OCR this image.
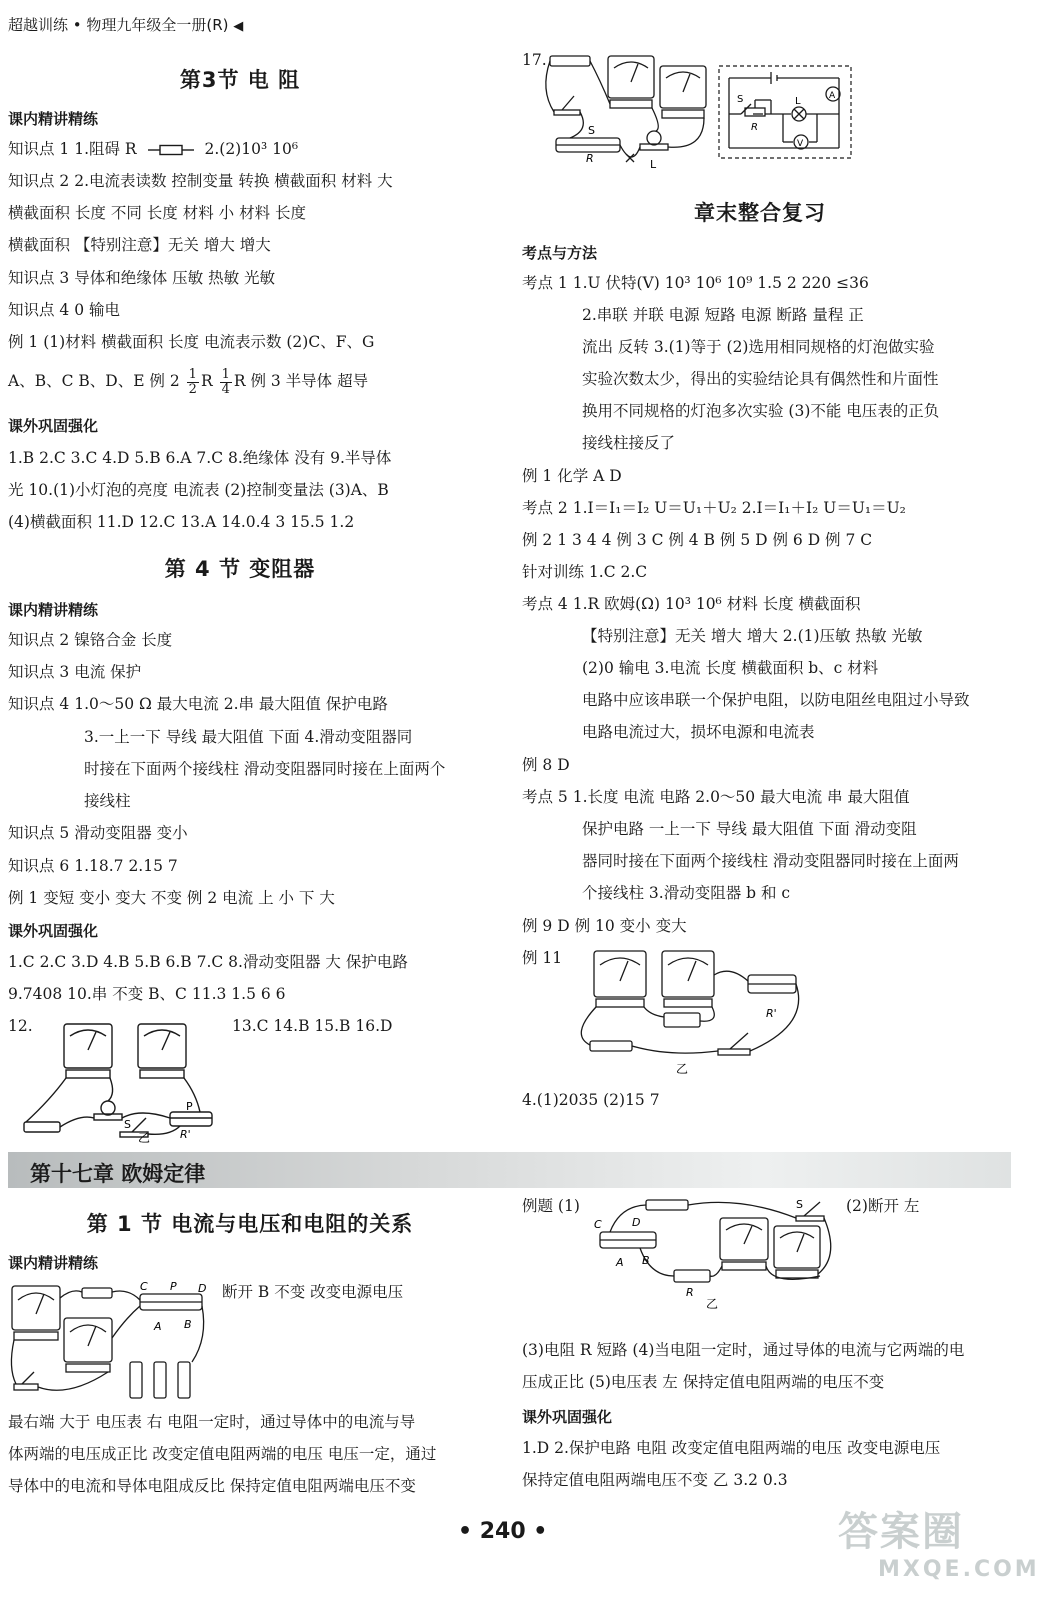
超越训练 • 物理九年级全一册(R) ◀
第3节 电 阻
课内精讲精练
知识点 1 1.阻碍 R	2.(2)10³ 10⁶
知识点 2 2.电流表读数 控制变量 转换 横截面积 材料 大
横截面积 长度 不同 长度 材料 小 材料 长度
横截面积 【特别注意】无关 增大 增大
知识点 3 导体和绝缘体 压敏 热敏 光敏
知识点 4 0 输电
例 1 (1)材料 横截面积 长度 电流表示数 (2)C、F、G
A、B、C B、D、E 例 $2 \frac{1}{2}$ R $\frac{1}{4}$ R 例 3 半导体 超导
课外巩固强化
1.B 2.C 3.C 4.D 5.B 6.A 7.C 8.绝缘体 没有 9.半导体
光 10.(1)小灯泡的亮度 电流表 (2)控制变量法 (3)A、B
(4)横截面积 11.D 12.C 13.A 14.0.4 3 15.5 1.2
第 4 节 变阻器
课内精讲精练
知识点 2 镍铬合金 长度
知识点 3 电流 保护
知识点 4 1.0～50 Ω 最大电流 2.串 最大阻值 保护电路
3.一上一下 导线 最大阻值 下面 4.滑动变阻器同
时接在下面两个接线柱 滑动变阻器同时接在上面两个
接线柱
知识点 5 滑动变阻器 变小
知识点 6 1.18.7 2.15 7
例 1 变短 变小 变大 不变 例 2 电流 上 小 下 大
课外巩固强化
1.C 2.C 3.D 4.B 5.B 6.B 7.C 8.滑动变阻器 大 保护电路
9.7408 10.串 不变 B、C 11.3 1.5 6 6
12.	13.C 14.B 15.B 16.D
P
S
R'
乙
17.
S
R	L
S
R
L	A
V
章末整合复习
考点与方法
考点 1 1.U 伏特(V) 10³ 10⁶ 10⁹ 1.5 2 220 ≤36
2.串联 并联 电源 短路 电源 断路 量程 正
流出 反转 3.(1)等于 (2)选用相同规格的灯泡做实验
实验次数太少，得出的实验结论具有偶然性和片面性
换用不同规格的灯泡多次实验 (3)不能 电压表的正负
接线柱接反了
例 1 化学 A D
考点 2 1.I＝I₁＝I₂ U＝U₁＋U₂ 2.I＝I₁＋I₂ U＝U₁＝U₂
例 2 1 3 4 4 例 3 C 例 4 B 例 5 D 例 6 D 例 7 C
针对训练 1.C 2.C
考点 4 1.R 欧姆(Ω) 10³ 10⁶ 材料 长度 横截面积
【特别注意】无关 增大 增大 2.(1)压敏 热敏 光敏
(2)0 输电 3.电流 长度 横截面积 b、c 材料
电路中应该串联一个保护电阻，以防电阻丝电阻过小导致
电路电流过大，损坏电源和电流表
例 8 D
考点 5 1.长度 电流 电路 2.0～50 最大电流 串 最大阻值
保护电路 一上一下 导线 最大阻值 下面 滑动变阻
器同时接在下面两个接线柱 滑动变阻器同时接在上面两
个接线柱 3.滑动变阻器 b 和 c
例 9 D 例 10 变小 变大
例 11
R'
乙
4.(1)2035 (2)15 7
第十七章 欧姆定律
第 1 节 电流与电压和电阻的关系
课内精讲精练
C P D
A B
断开 B 不变 改变电源电压
最右端 大于 电压表 右 电阻一定时，通过导体中的电流与导
体两端的电压成正比 改变定值电阻两端的电压 电压一定，通过
导体中的电流和导体电阻成反比 保持定值电阻两端电压不变
例题 (1)
C	D
A B
S
R
乙
(2)断开 左
(3)电阻 R 短路 (4)当电阻一定时，通过导体的电流与它两端的电
压成正比 (5)电压表 左 保持定值电阻两端的电压不变
课外巩固强化
1.D 2.保护电路 电阻 改变定值电阻两端的电压 改变电源电压
保持定值电阻两端电压不变 乙 3.2 0.3
• 240 •	答案圈
MXQE.COM
